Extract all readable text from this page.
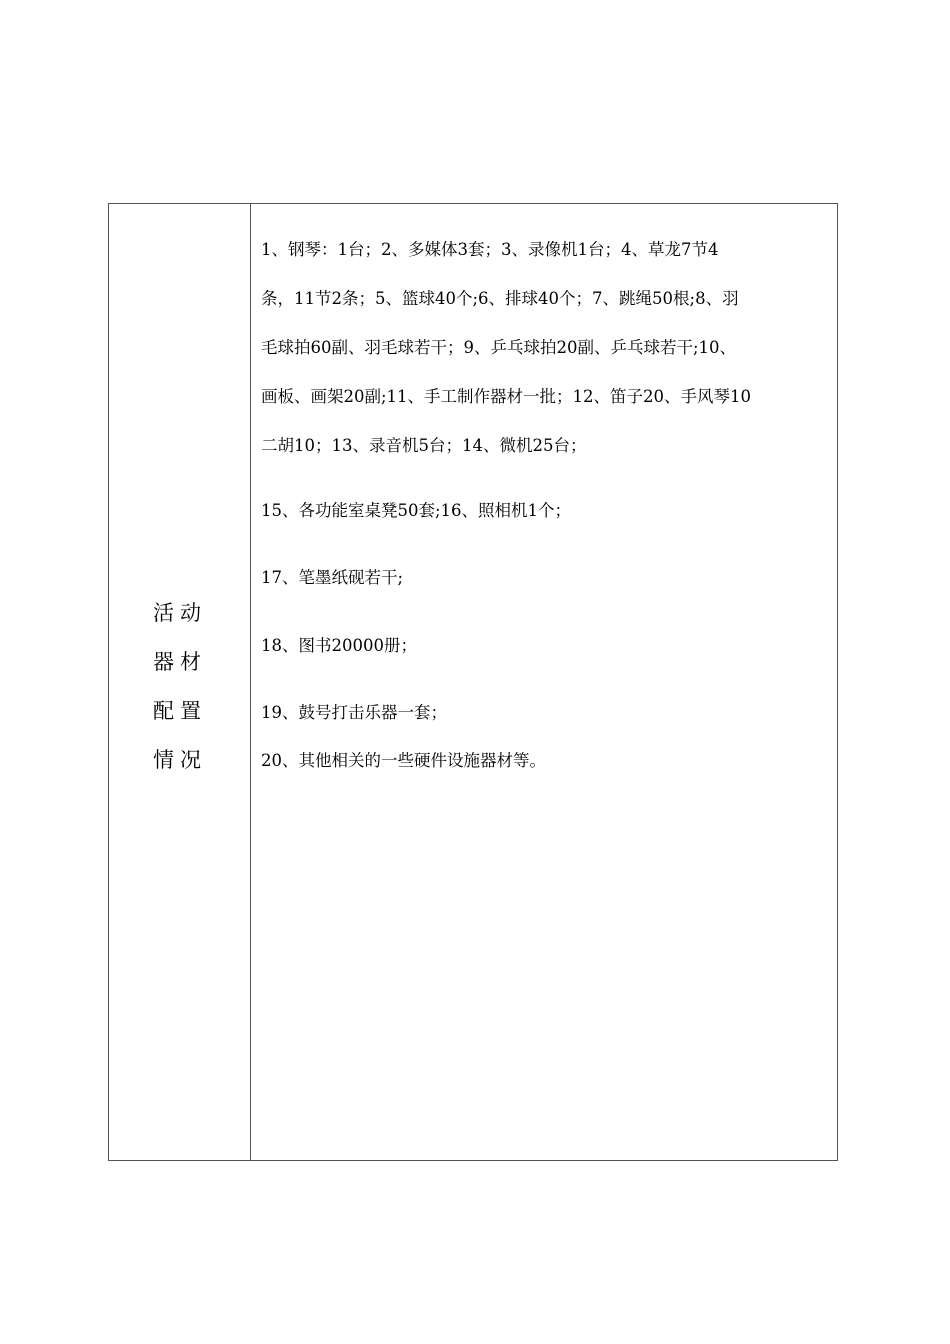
活动
器材
配置
情况
1、钢琴：1台；2、多媒体3套；3、录像机1台；4、草龙7节4
条，11节2条；5、篮球40个;6、排球40个；7、跳绳50根;8、羽
毛球拍60副、羽毛球若干；9、乒乓球拍20副、乒乓球若干;10、
画板、画架20副;11、手工制作器材一批；12、笛子20、手风琴10
二胡10；13、录音机5台；14、微机25台；
15、各功能室桌凳50套;16、照相机1个；
17、笔墨纸砚若干;
18、图书20000册；
19、鼓号打击乐器一套；
20、其他相关的一些硬件设施器材等。
